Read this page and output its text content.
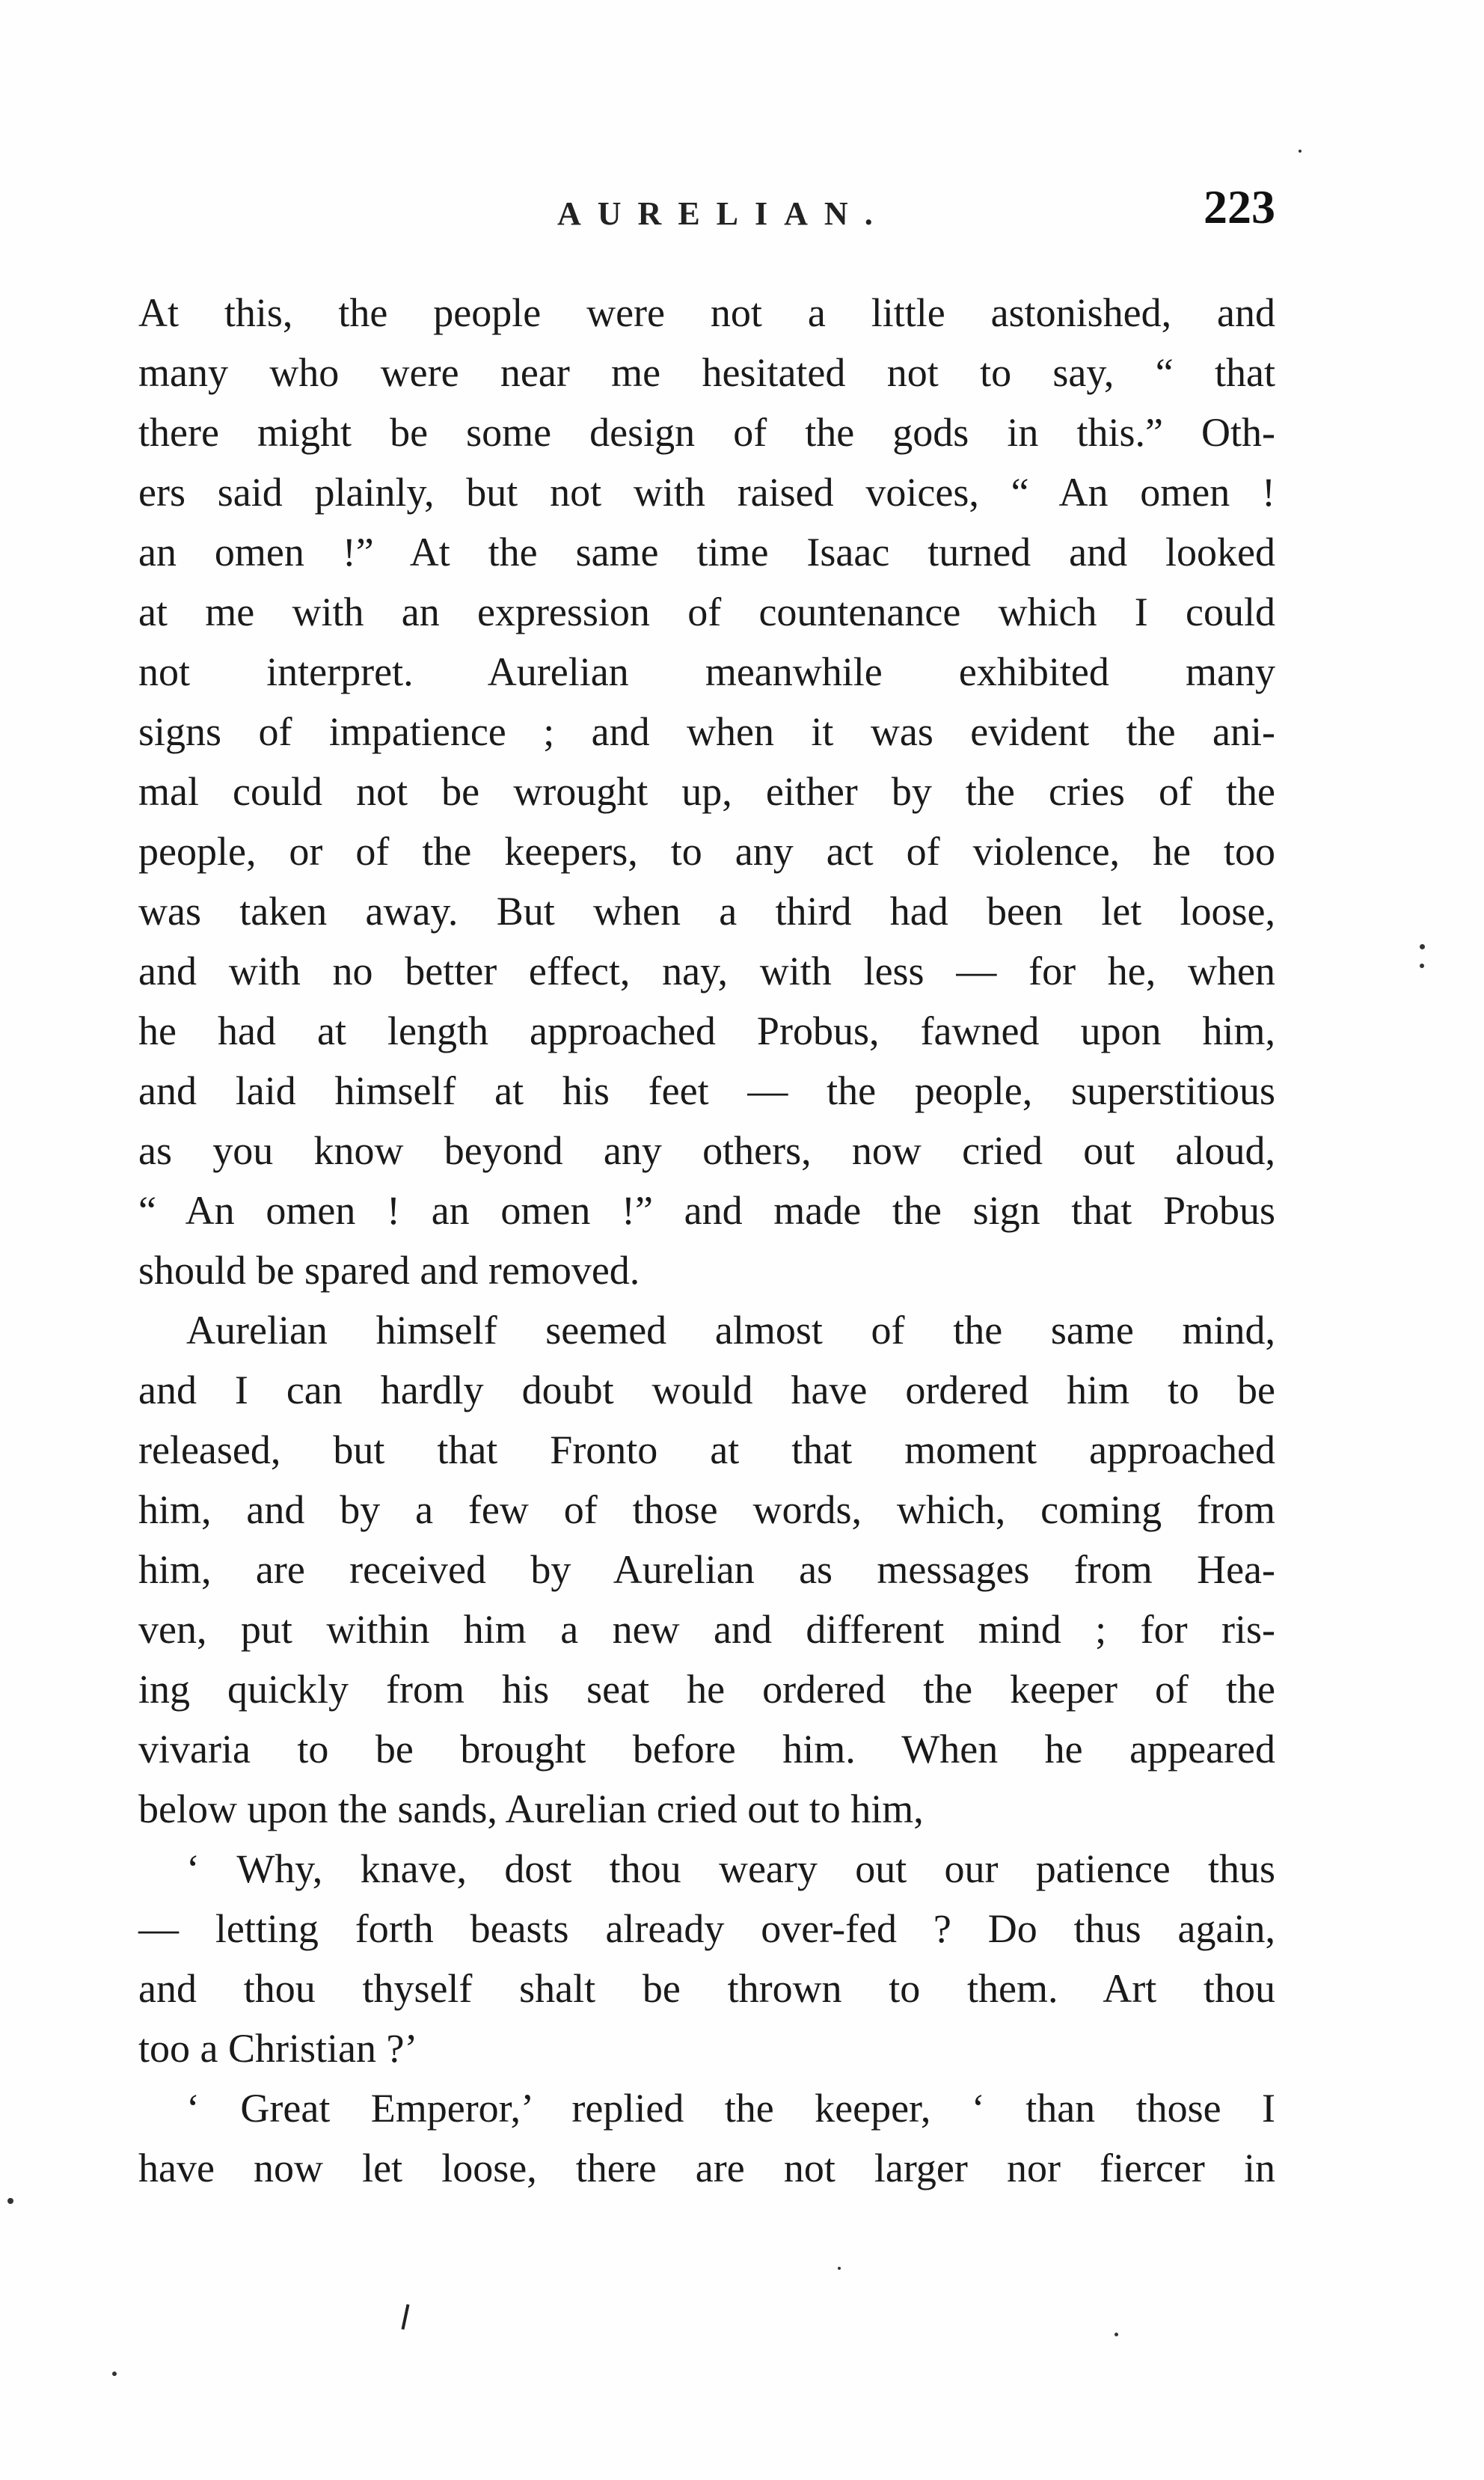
AURELIAN.	223
At this, the people were not a little astonished, and
many who were near me hesitated not to say, “ that
there might be some design of the gods in this.” Oth-
ers said plainly, but not with raised voices, “ An omen !
an omen !” At the same time Isaac turned and looked
at me with an expression of countenance which I could
not interpret. Aurelian meanwhile exhibited many
signs of impatience ; and when it was evident the ani-
mal could not be wrought up, either by the cries of the
people, or of the keepers, to any act of violence, he too
was taken away. But when a third had been let loose,
and with no better effect, nay, with less — for he, when
he had at length approached Probus, fawned upon him,
and laid himself at his feet — the people, superstitious
as you know beyond any others, now cried out aloud,
“ An omen ! an omen !” and made the sign that Probus
should be spared and removed.
Aurelian himself seemed almost of the same mind,
and I can hardly doubt would have ordered him to be
released, but that Fronto at that moment approached
him, and by a few of those words, which, coming from
him, are received by Aurelian as messages from Hea-
ven, put within him a new and different mind ; for ris-
ing quickly from his seat he ordered the keeper of the
vivaria to be brought before him. When he appeared
below upon the sands, Aurelian cried out to him,
‘ Why, knave, dost thou weary out our patience thus
— letting forth beasts already over-fed ? Do thus again,
and thou thyself shalt be thrown to them. Art thou
too a Christian ?’
‘ Great Emperor,’ replied the keeper, ‘ than those I
have now let loose, there are not larger nor fiercer in
